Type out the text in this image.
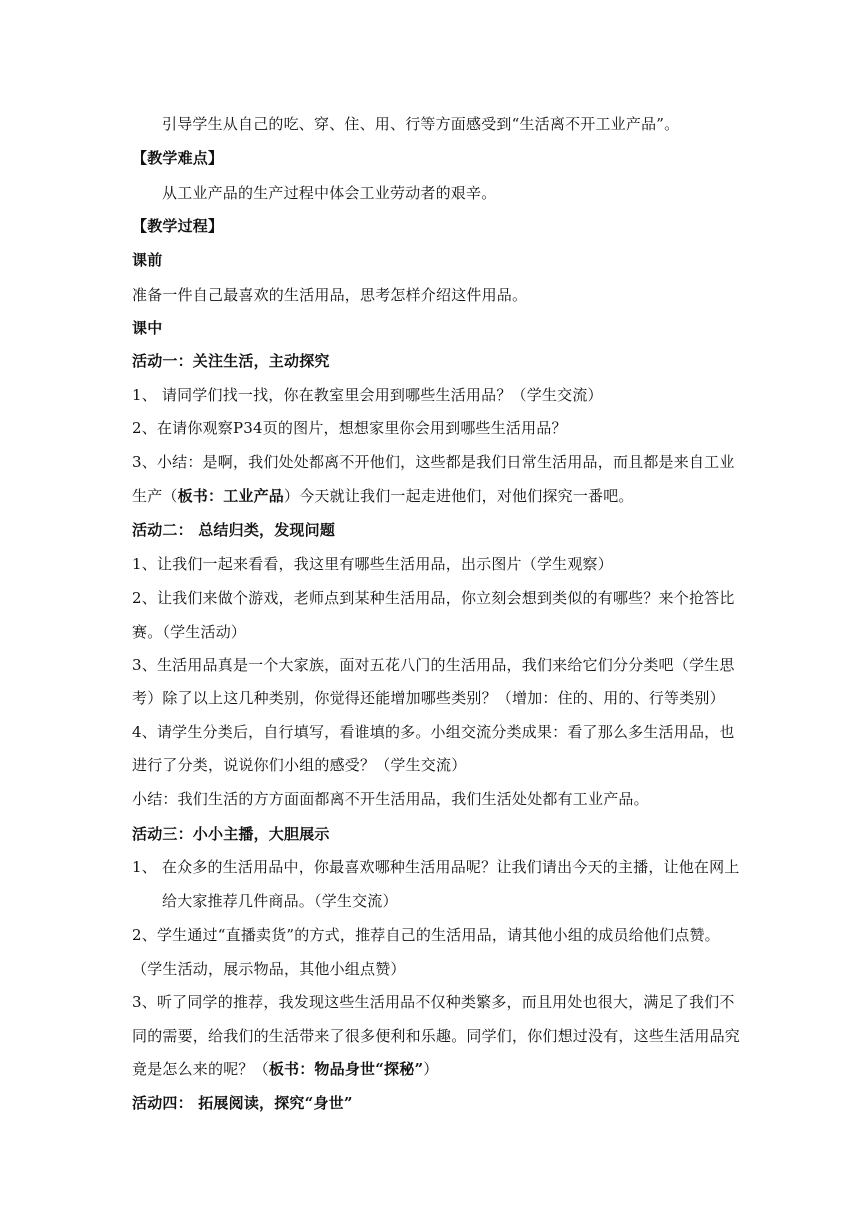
引导学生从自己的吃、穿、住、用、行等方面感受到“生活离不开工业产品”。
【教学难点】
从工业产品的生产过程中体会工业劳动者的艰辛。
【教学过程】
课前
准备一件自己最喜欢的生活用品，思考怎样介绍这件用品。
课中
活动一：关注生活，主动探究
1、 请同学们找一找，你在教室里会用到哪些生活用品？（学生交流）
2、在请你观察P34页的图片，想想家里你会用到哪些生活用品？
3、小结：是啊，我们处处都离不开他们，这些都是我们日常生活用品，而且都是来自工业
生产（板书：工业产品）今天就让我们一起走进他们，对他们探究一番吧。
活动二： 总结归类，发现问题
1、让我们一起来看看，我这里有哪些生活用品，出示图片（学生观察）
2、让我们来做个游戏，老师点到某种生活用品，你立刻会想到类似的有哪些？来个抢答比
赛。（学生活动）
3、生活用品真是一个大家族，面对五花八门的生活用品，我们来给它们分分类吧（学生思
考）除了以上这几种类别，你觉得还能增加哪些类别？（增加：住的、用的、行等类别）
4、请学生分类后，自行填写，看谁填的多。小组交流分类成果：看了那么多生活用品，也
进行了分类，说说你们小组的感受？（学生交流）
小结：我们生活的方方面面都离不开生活用品，我们生活处处都有工业产品。
活动三：小小主播，大胆展示
1、 在众多的生活用品中，你最喜欢哪种生活用品呢？让我们请出今天的主播，让他在网上
给大家推荐几件商品。（学生交流）
2、学生通过“直播卖货”的方式，推荐自己的生活用品，请其他小组的成员给他们点赞。
（学生活动，展示物品，其他小组点赞）
3、听了同学的推荐，我发现这些生活用品不仅种类繁多，而且用处也很大，满足了我们不
同的需要，给我们的生活带来了很多便利和乐趣。同学们，你们想过没有，这些生活用品究
竟是怎么来的呢？（板书：物品身世“探秘”）
活动四： 拓展阅读，探究“身世”
